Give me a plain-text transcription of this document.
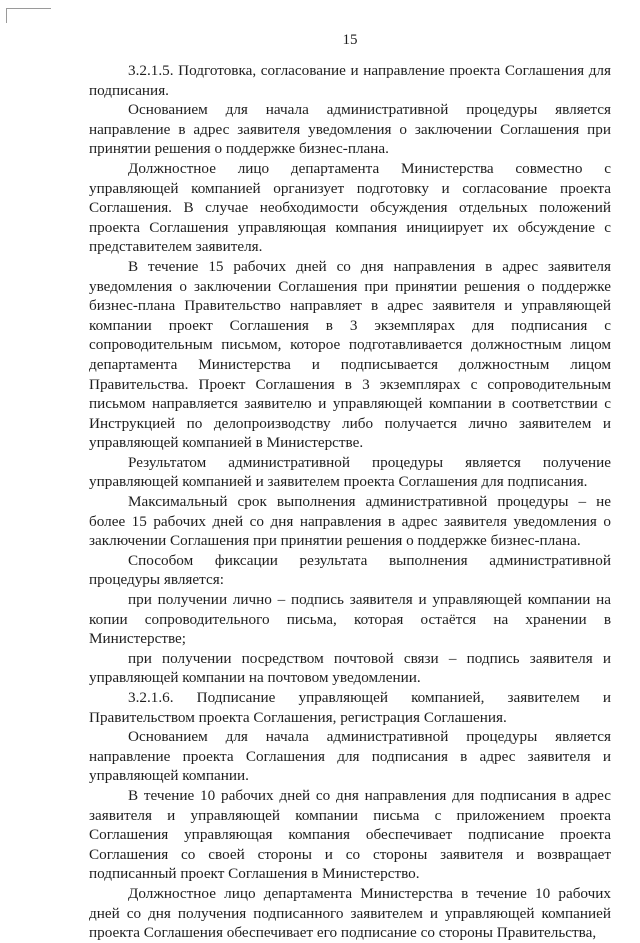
15

3.2.1.5. Подготовка, согласование и направление проекта Соглашения для подписания.

Основанием для начала административной процедуры является направление в адрес заявителя уведомления о заключении Соглашения при принятии решения о поддержке бизнес-плана.

Должностное лицо департамента Министерства совместно с управляющей компанией организует подготовку и согласование проекта Соглашения. В случае необходимости обсуждения отдельных положений проекта Соглашения управляющая компания инициирует их обсуждение с представителем заявителя.

В течение 15 рабочих дней со дня направления в адрес заявителя уведомления о заключении Соглашения при принятии решения о поддержке бизнес-плана Правительство направляет в адрес заявителя и управляющей компании проект Соглашения в 3 экземплярах для подписания с сопроводительным письмом, которое подготавливается должностным лицом департамента Министерства и подписывается должностным лицом Правительства. Проект Соглашения в 3 экземплярах с сопроводительным письмом направляется заявителю и управляющей компании в соответствии с Инструкцией по делопроизводству либо получается лично заявителем и управляющей компанией в Министерстве.

Результатом административной процедуры является получение управляющей компанией и заявителем проекта Соглашения для подписания.

Максимальный срок выполнения административной процедуры – не более 15 рабочих дней со дня направления в адрес заявителя уведомления о заключении Соглашения при принятии решения о поддержке бизнес-плана.

Способом фиксации результата выполнения административной процедуры является:

при получении лично – подпись заявителя и управляющей компании на копии сопроводительного письма, которая остаётся на хранении в Министерстве;

при получении посредством почтовой связи – подпись заявителя и управляющей компании на почтовом уведомлении.

3.2.1.6. Подписание управляющей компанией, заявителем и Правительством проекта Соглашения, регистрация Соглашения.

Основанием для начала административной процедуры является направление проекта Соглашения для подписания в адрес заявителя и управляющей компании.

В течение 10 рабочих дней со дня направления для подписания в адрес заявителя и управляющей компании письма с приложением проекта Соглашения управляющая компания обеспечивает подписание проекта Соглашения со своей стороны и со стороны заявителя и возвращает подписанный проект Соглашения в Министерство.

Должностное лицо департамента Министерства в течение 10 рабочих дней со дня получения подписанного заявителем и управляющей компанией проекта Соглашения обеспечивает его подписание со стороны Правительства,
